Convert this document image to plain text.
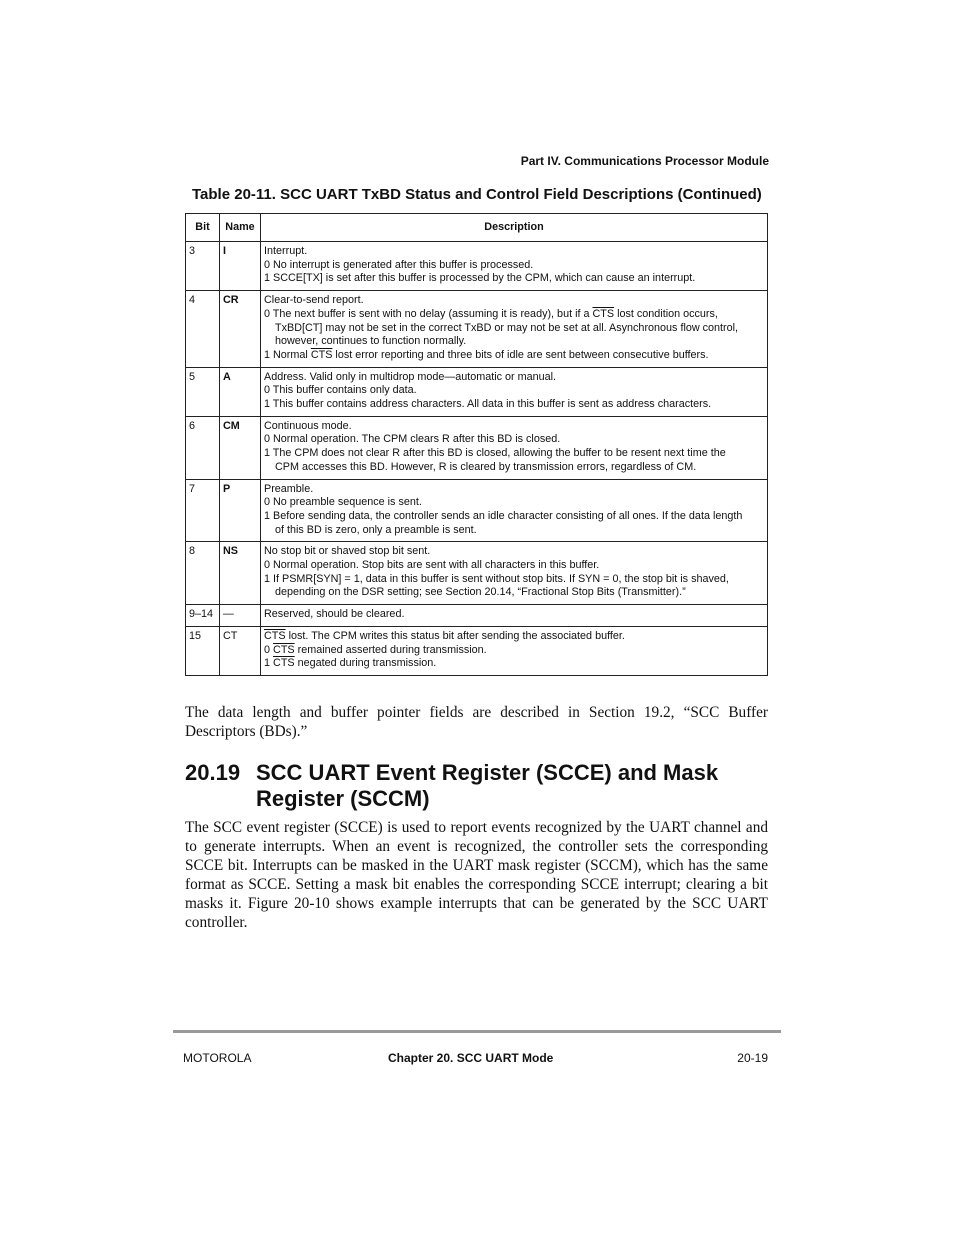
Part IV. Communications Processor Module
Table 20-11. SCC UART TxBD Status and Control Field Descriptions (Continued)
Bit	Name	Description
3	I	Interrupt.
0 No interrupt is generated after this buffer is processed.
1 SCCE[TX] is set after this buffer is processed by the CPM, which can cause an interrupt.

4	CR	Clear-to-send report.
0 The next buffer is sent with no delay (assuming it is ready), but if a $\overline{CTS}$ lost condition occurs,
TxBD[CT] may not be set in the correct TxBD or may not be set at all. Asynchronous flow control,
however, continues to function normally.
1 Normal $\overline{CTS}$ lost error reporting and three bits of idle are sent between consecutive buffers.

5	A	Address. Valid only in multidrop mode—automatic or manual.
0 This buffer contains only data.
1 This buffer contains address characters. All data in this buffer is sent as address characters.

6	CM	Continuous mode.
0 Normal operation. The CPM clears R after this BD is closed.
1 The CPM does not clear R after this BD is closed, allowing the buffer to be resent next time the
CPM accesses this BD. However, R is cleared by transmission errors, regardless of CM.

7	P	Preamble.
0 No preamble sequence is sent.
1 Before sending data, the controller sends an idle character consisting of all ones. If the data length
of this BD is zero, only a preamble is sent.

8	NS	No stop bit or shaved stop bit sent.
0 Normal operation. Stop bits are sent with all characters in this buffer.
1 If PSMR[SYN] = 1, data in this buffer is sent without stop bits. If SYN = 0, the stop bit is shaved,
depending on the DSR setting; see Section 20.14, “Fractional Stop Bits (Transmitter).”

9–14	—	Reserved, should be cleared.

15	CT	$\overline{CTS}$ lost. The CPM writes this status bit after sending the associated buffer.
0 $\overline{CTS}$ remained asserted during transmission.
1 $\overline{CTS}$ negated during transmission.

The data length and buffer pointer fields are described in Section 19.2, “SCC Buffer Descriptors (BDs).”

20.19 SCC UART Event Register (SCCE) and Mask Register (SCCM)

The SCC event register (SCCE) is used to report events recognized by the UART channel and to generate interrupts. When an event is recognized, the controller sets the corresponding SCCE bit. Interrupts can be masked in the UART mask register (SCCM), which has the same format as SCCE. Setting a mask bit enables the corresponding SCCE interrupt; clearing a bit masks it. Figure 20-10 shows example interrupts that can be generated by the SCC UART controller.

MOTOROLA	Chapter 20. SCC UART Mode	20-19
